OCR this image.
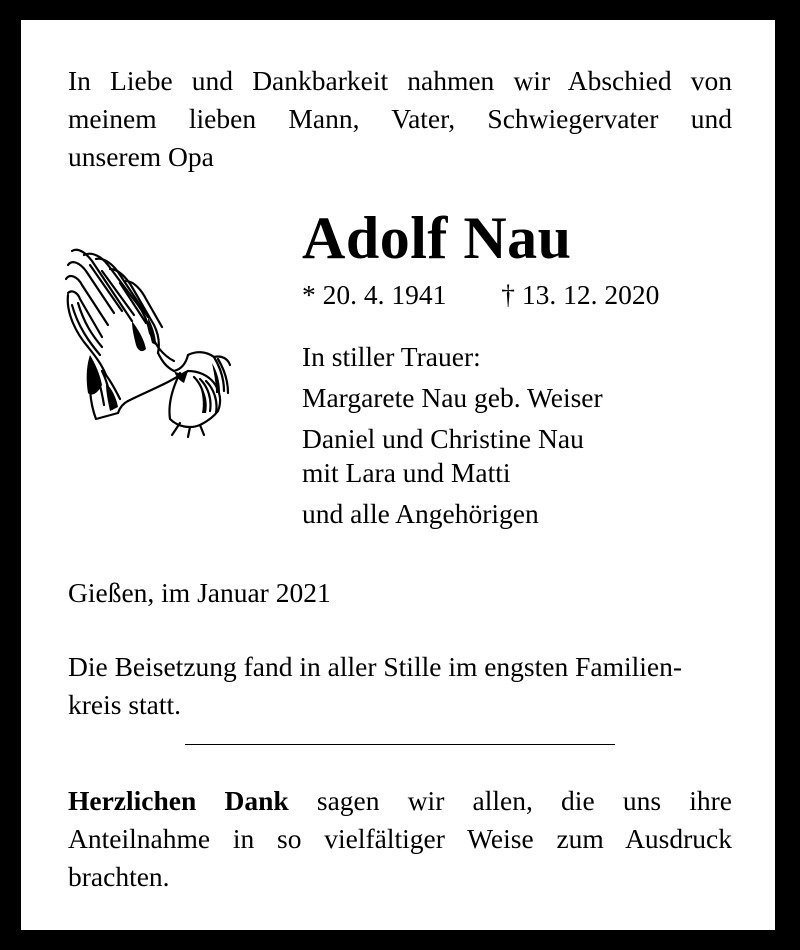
In Liebe und Dankbarkeit nahmen wir Abschied von
meinem lieben Mann, Vater, Schwiegervater und
unserem Opa
Adolf Nau
* 20. 4. 1941 † 13. 12. 2020
In stiller Trauer:
Margarete Nau geb. Weiser
Daniel und Christine Nau
mit Lara und Matti
und alle Angehörigen
Gießen, im Januar 2021
Die Beisetzung fand in aller Stille im engsten Familien-
kreis statt.
Herzlichen Dank sagen wir allen, die uns ihre
Anteilnahme in so vielfältiger Weise zum Ausdruck
brachten.
